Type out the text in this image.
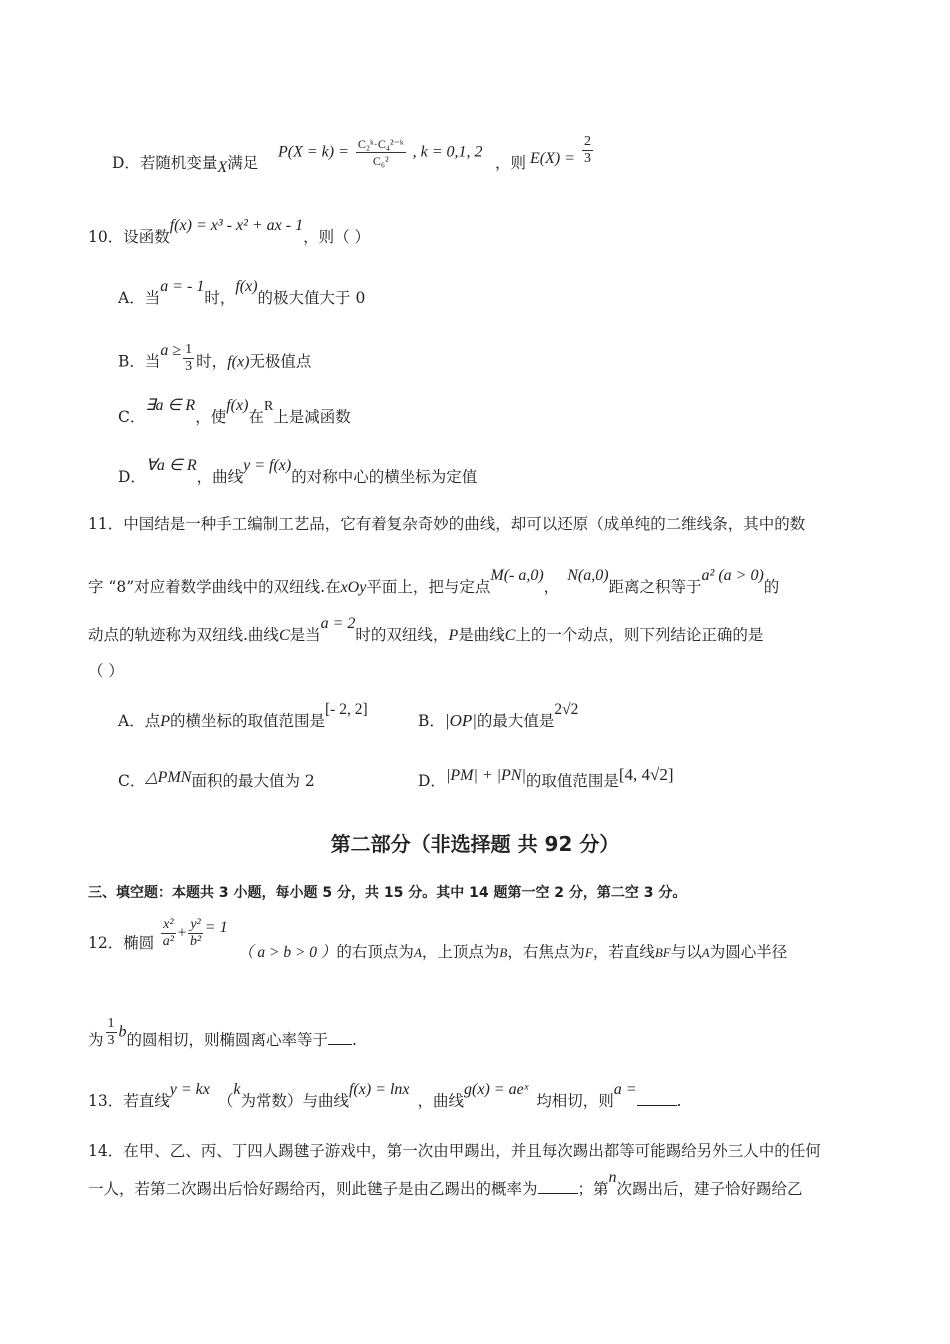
D．若随机变量X满足
$P(X = k) = \frac{\text{C₂ᵏ·C₄²⁻ᵏ}}{\text{C₆²}}$ , k = 0,1, 2
，则 $E(X) = \frac{2}{3}$
10．设函数f(x) = x³ - x² + ax - 1，则（ ）
A．当a = - 1时，f(x)的极大值大于 0
B．当$a \ge \frac{1}{3}$ 时，f(x)无极值点
C．∃a ∈ R，使f(x)在R上是减函数
D．∀a ∈ R，曲线y = f(x)的对称中心的横坐标为定值
11．中国结是一种手工编制工艺品，它有着复杂奇妙的曲线，却可以还原（成单纯的二维线条，其中的数
字 “8”对应着数学曲线中的双纽线.在xOy平面上，把与定点M(- a,0)，N(a,0)距离之积等于a² (a > 0)的
动点的轨迹称为双纽线.曲线C是当a = 2时的双纽线，P是曲线C上的一个动点，则下列结论正确的是
（ ）
A．点P的横坐标的取值范围是[- 2, 2]
B．|OP|的最大值是2√2
C．△PMN面积的最大值为 2	D．|PM| + |PN|的取值范围是[4, 4√2]
第二部分（非选择题 共 92 分）
三、填空题：本题共 3 小题，每小题 5 分，共 15 分。其中 14 题第一空 2 分，第二空 3 分。
12．椭圆 $\frac{\text{x²}}{\text{a²}} + \frac{\text{y²}}{\text{b²}} = 1$
（ a > b > 0 ）的右顶点为A，上顶点为B，右焦点为F，若直线BF与以A为圆心半径
为 $\frac{1}{3}$ b的圆相切，则椭圆离心率等于 .
13．若直线y = kx（k为常数）与曲线f(x) = lnx，曲线g(x) = aeˣ均相切，则a =.
14．在甲、乙、丙、丁四人踢毽子游戏中，第一次由甲踢出，并且每次踢出都等可能踢给另外三人中的任何
一人，若第二次踢出后恰好踢给丙，则此毽子是由乙踢出的概率为	；第n次踢出后，建子恰好踢给乙
